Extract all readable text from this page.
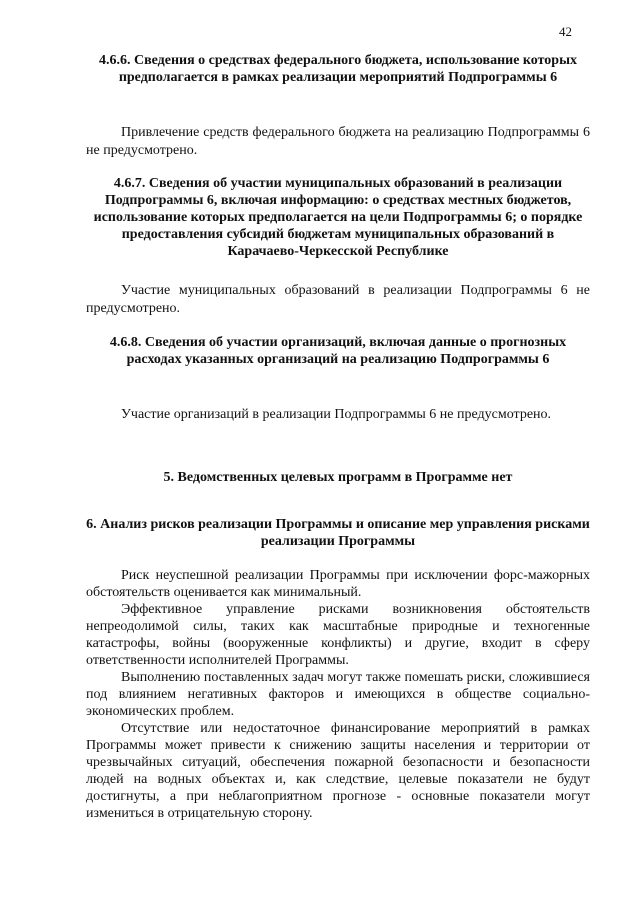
42
4.6.6. Сведения о средствах федерального бюджета, использование которых предполагается в рамках реализации мероприятий Подпрограммы 6

Привлечение средств федерального бюджета на реализацию Подпрограммы 6 не предусмотрено.

4.6.7. Сведения об участии муниципальных образований в реализации Подпрограммы 6, включая информацию: о средствах местных бюджетов, использование которых предполагается на цели Подпрограммы 6; о порядке предоставления субсидий бюджетам муниципальных образований в Карачаево-Черкесской Республике

Участие муниципальных образований в реализации Подпрограммы 6 не предусмотрено.

4.6.8. Сведения об участии организаций, включая данные о прогнозных расходах указанных организаций на реализацию Подпрограммы 6

Участие организаций в реализации Подпрограммы 6 не предусмотрено.

5. Ведомственных целевых программ в Программе нет
6. Анализ рисков реализации Программы и описание мер управления рисками реализации Программы

Риск неуспешной реализации Программы при исключении форс-мажорных обстоятельств оценивается как минимальный.

Эффективное управление рисками возникновения обстоятельств непреодолимой силы, таких как масштабные природные и техногенные катастрофы, войны (вооруженные конфликты) и другие, входит в сферу ответственности исполнителей Программы.

Выполнению поставленных задач могут также помешать риски, сложившиеся под влиянием негативных факторов и имеющихся в обществе социально-экономических проблем.

Отсутствие или недостаточное финансирование мероприятий в рамках Программы может привести к снижению защиты населения и территории от чрезвычайных ситуаций, обеспечения пожарной безопасности и безопасности людей на водных объектах и, как следствие, целевые показатели не будут достигнуты, а при неблагоприятном прогнозе - основные показатели могут измениться в отрицательную сторону.
